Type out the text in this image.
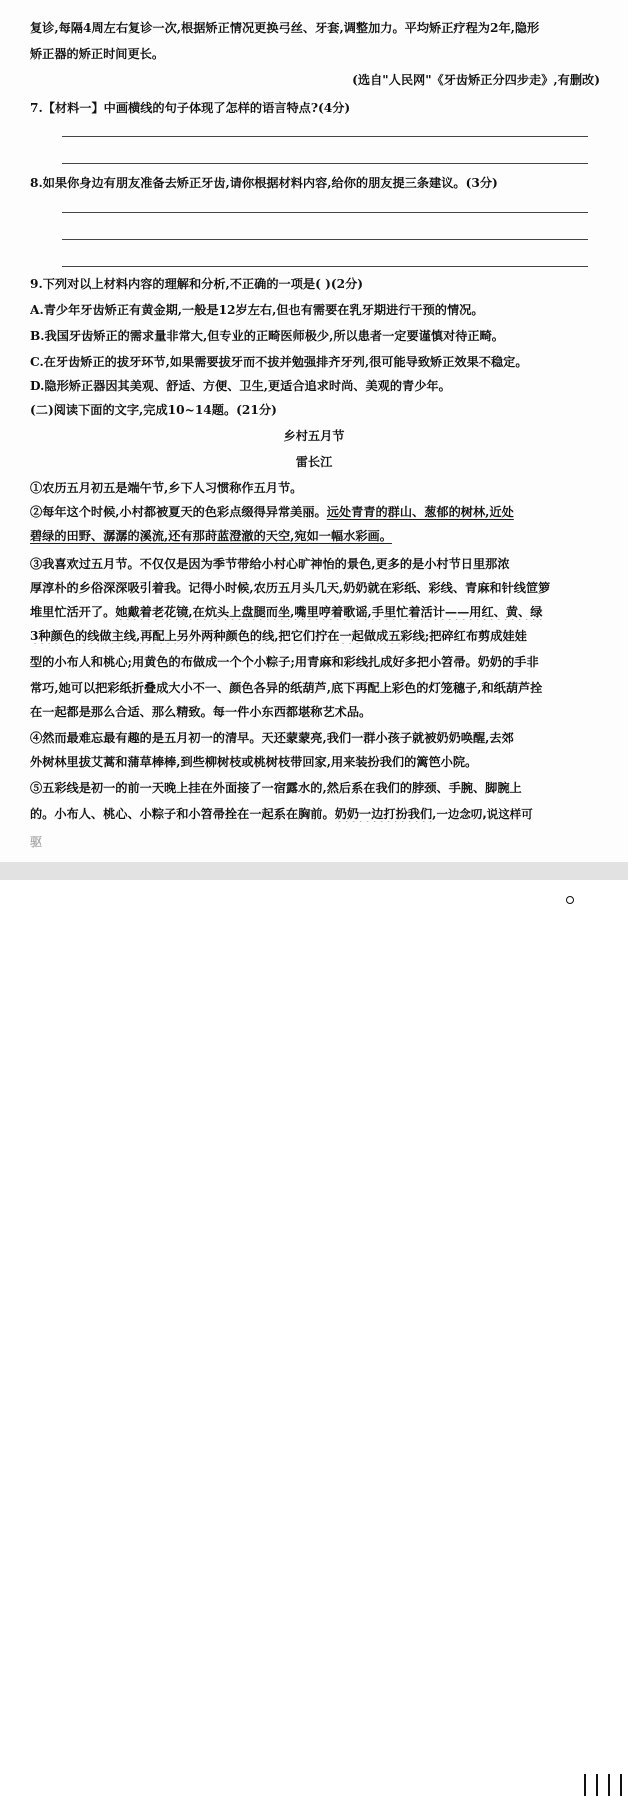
复诊,每隔4周左右复诊一次,根据矫正情况更换弓丝、牙套,调整加力。平均矫正疗程为2年,隐形
矫正器的矫正时间更长。
(选自"人民网"《牙齿矫正分四步走》,有删改)
7.【材料一】中画横线的句子体现了怎样的语言特点?(4分)
8.如果你身边有朋友准备去矫正牙齿,请你根据材料内容,给你的朋友提三条建议。(3分)
9.下列对以上材料内容的理解和分析,不正确的一项是( )(2分)
A.青少年牙齿矫正有黄金期,一般是12岁左右,但也有需要在乳牙期进行干预的情况。
B.我国牙齿矫正的需求量非常大,但专业的正畸医师极少,所以患者一定要谨慎对待正畸。
C.在牙齿矫正的拔牙环节,如果需要拔牙而不拔并勉强排齐牙列,很可能导致矫正效果不稳定。
D.隐形矫正器因其美观、舒适、方便、卫生,更适合追求时尚、美观的青少年。
(二)阅读下面的文字,完成10~14题。(21分)
乡村五月节
雷长江
①农历五月初五是端午节,乡下人习惯称作五月节。
②每年这个时候,小村都被夏天的色彩点缀得异常美丽。远处青青的群山、葱郁的树林,近处
碧绿的田野、潺潺的溪流,还有那莳蓝澄澈的天空,宛如一幅水彩画。
③我喜欢过五月节。不仅仅是因为季节带给小村心旷神怡的景色,更多的是小村节日里那浓
厚淳朴的乡俗深深吸引着我。记得小时候,农历五月头几天,奶奶就在彩纸、彩线、青麻和针线笸箩
堆里忙活开了。她戴着老花镜,在炕头上盘腿而坐,嘴里哼着歌谣,手里忙着活计——用红、黄、绿
3种颜色的线做主线,再配上另外两种颜色的线,把它们拧在一起做成五彩线;把碎红布剪成娃娃
型的小布人和桃心;用黄色的布做成一个个小粽子;用青麻和彩线扎成好多把小笤帚。奶奶的手非
常巧,她可以把彩纸折叠成大小不一、颜色各异的纸葫芦,底下再配上彩色的灯笼穗子,和纸葫芦拴
在一起都是那么合适、那么精致。每一件小东西都堪称艺术品。
④然而最难忘最有趣的是五月初一的清早。天还蒙蒙亮,我们一群小孩子就被奶奶唤醒,去郊
外树林里拔艾蒿和蒲草棒棒,到些柳树枝或桃树枝带回家,用来装扮我们的篱笆小院。
⑤五彩线是初一的前一天晚上挂在外面接了一宿露水的,然后系在我们的脖颈、手腕、脚腕上
的。小布人、桃心、小粽子和小笤帚拴在一起系在胸前。奶奶一边打扮我们,一边念叨,说这样可
驱
